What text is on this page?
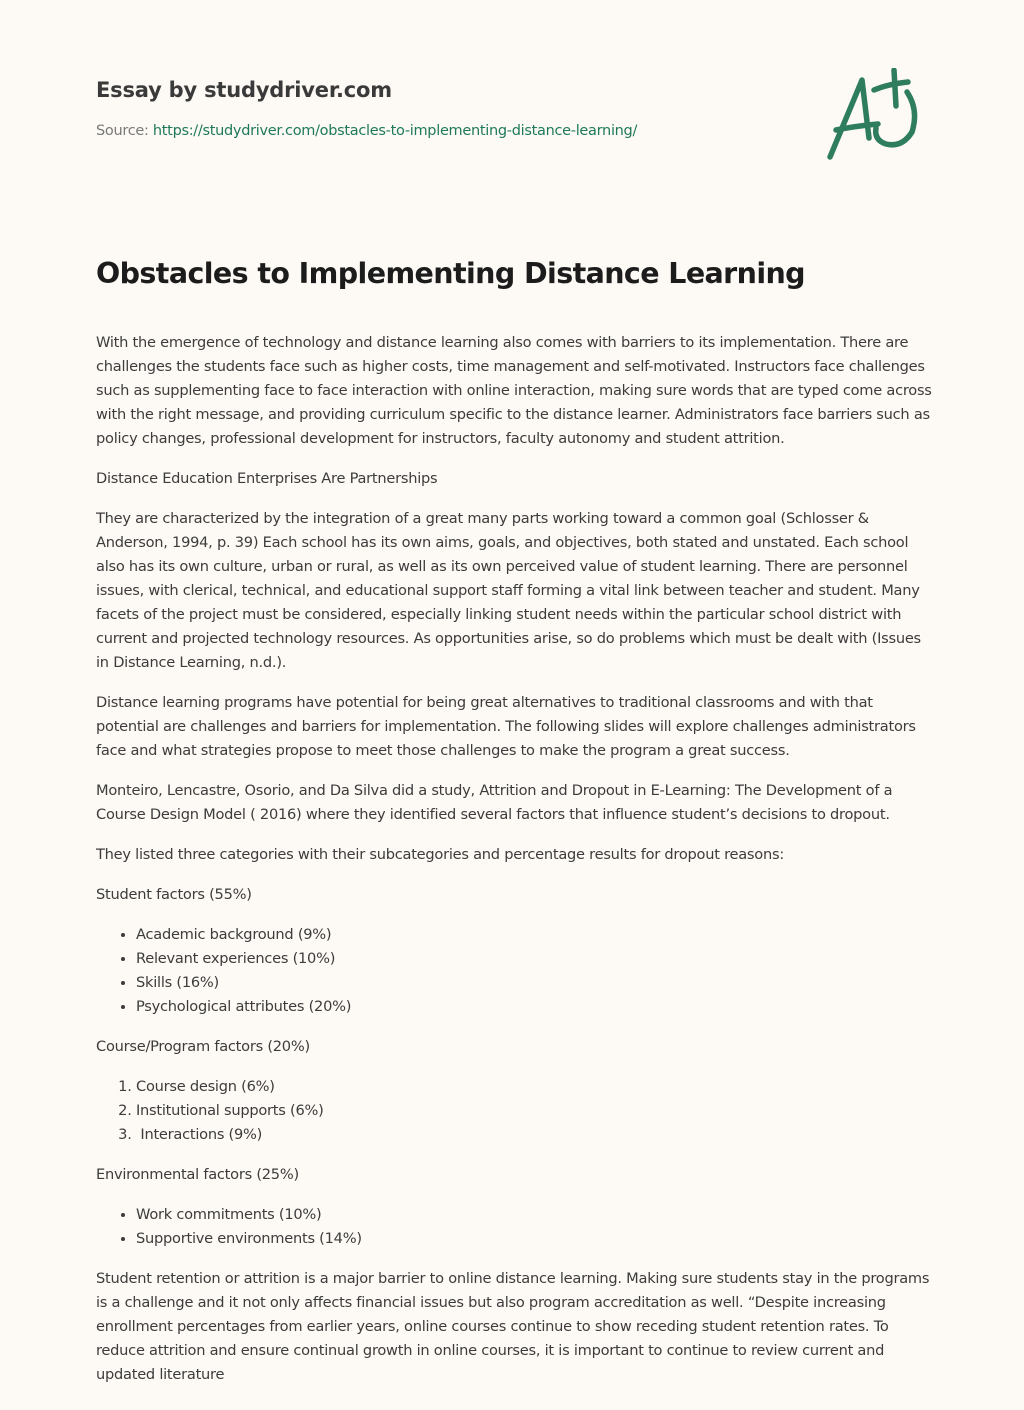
Essay by studydriver.com
Source: https://studydriver.com/obstacles-to-implementing-distance-learning/
Obstacles to Implementing Distance Learning

With the emergence of technology and distance learning also comes with barriers to its implementation. There are challenges the students face such as higher costs, time management and self-motivated. Instructors face challenges such as supplementing face to face interaction with online interaction, making sure words that are typed come across with the right message, and providing curriculum specific to the distance learner. Administrators face barriers such as policy changes, professional development for instructors, faculty autonomy and student attrition.

Distance Education Enterprises Are Partnerships

They are characterized by the integration of a great many parts working toward a common goal (Schlosser & Anderson, 1994, p. 39) Each school has its own aims, goals, and objectives, both stated and unstated. Each school also has its own culture, urban or rural, as well as its own perceived value of student learning. There are personnel issues, with clerical, technical, and educational support staff forming a vital link between teacher and student. Many facets of the project must be considered, especially linking student needs within the particular school district with current and projected technology resources. As opportunities arise, so do problems which must be dealt with (Issues in Distance Learning, n.d.).

Distance learning programs have potential for being great alternatives to traditional classrooms and with that potential are challenges and barriers for implementation. The following slides will explore challenges administrators face and what strategies propose to meet those challenges to make the program a great success.

Monteiro, Lencastre, Osorio, and Da Silva did a study, Attrition and Dropout in E-Learning: The Development of a Course Design Model ( 2016) where they identified several factors that influence student’s decisions to dropout.

They listed three categories with their subcategories and percentage results for dropout reasons:

Student factors (55%)

• Academic background (9%)
• Relevant experiences (10%)
• Skills (16%)
• Psychological attributes (20%)

Course/Program factors (20%)

1. Course design (6%)
2. Institutional supports (6%)
3.  Interactions (9%)

Environmental factors (25%)

• Work commitments (10%)
• Supportive environments (14%)

Student retention or attrition is a major barrier to online distance learning. Making sure students stay in the programs is a challenge and it not only affects financial issues but also program accreditation as well. “Despite increasing enrollment percentages from earlier years, online courses continue to show receding student retention rates. To reduce attrition and ensure continual growth in online courses, it is important to continue to review current and updated literature
